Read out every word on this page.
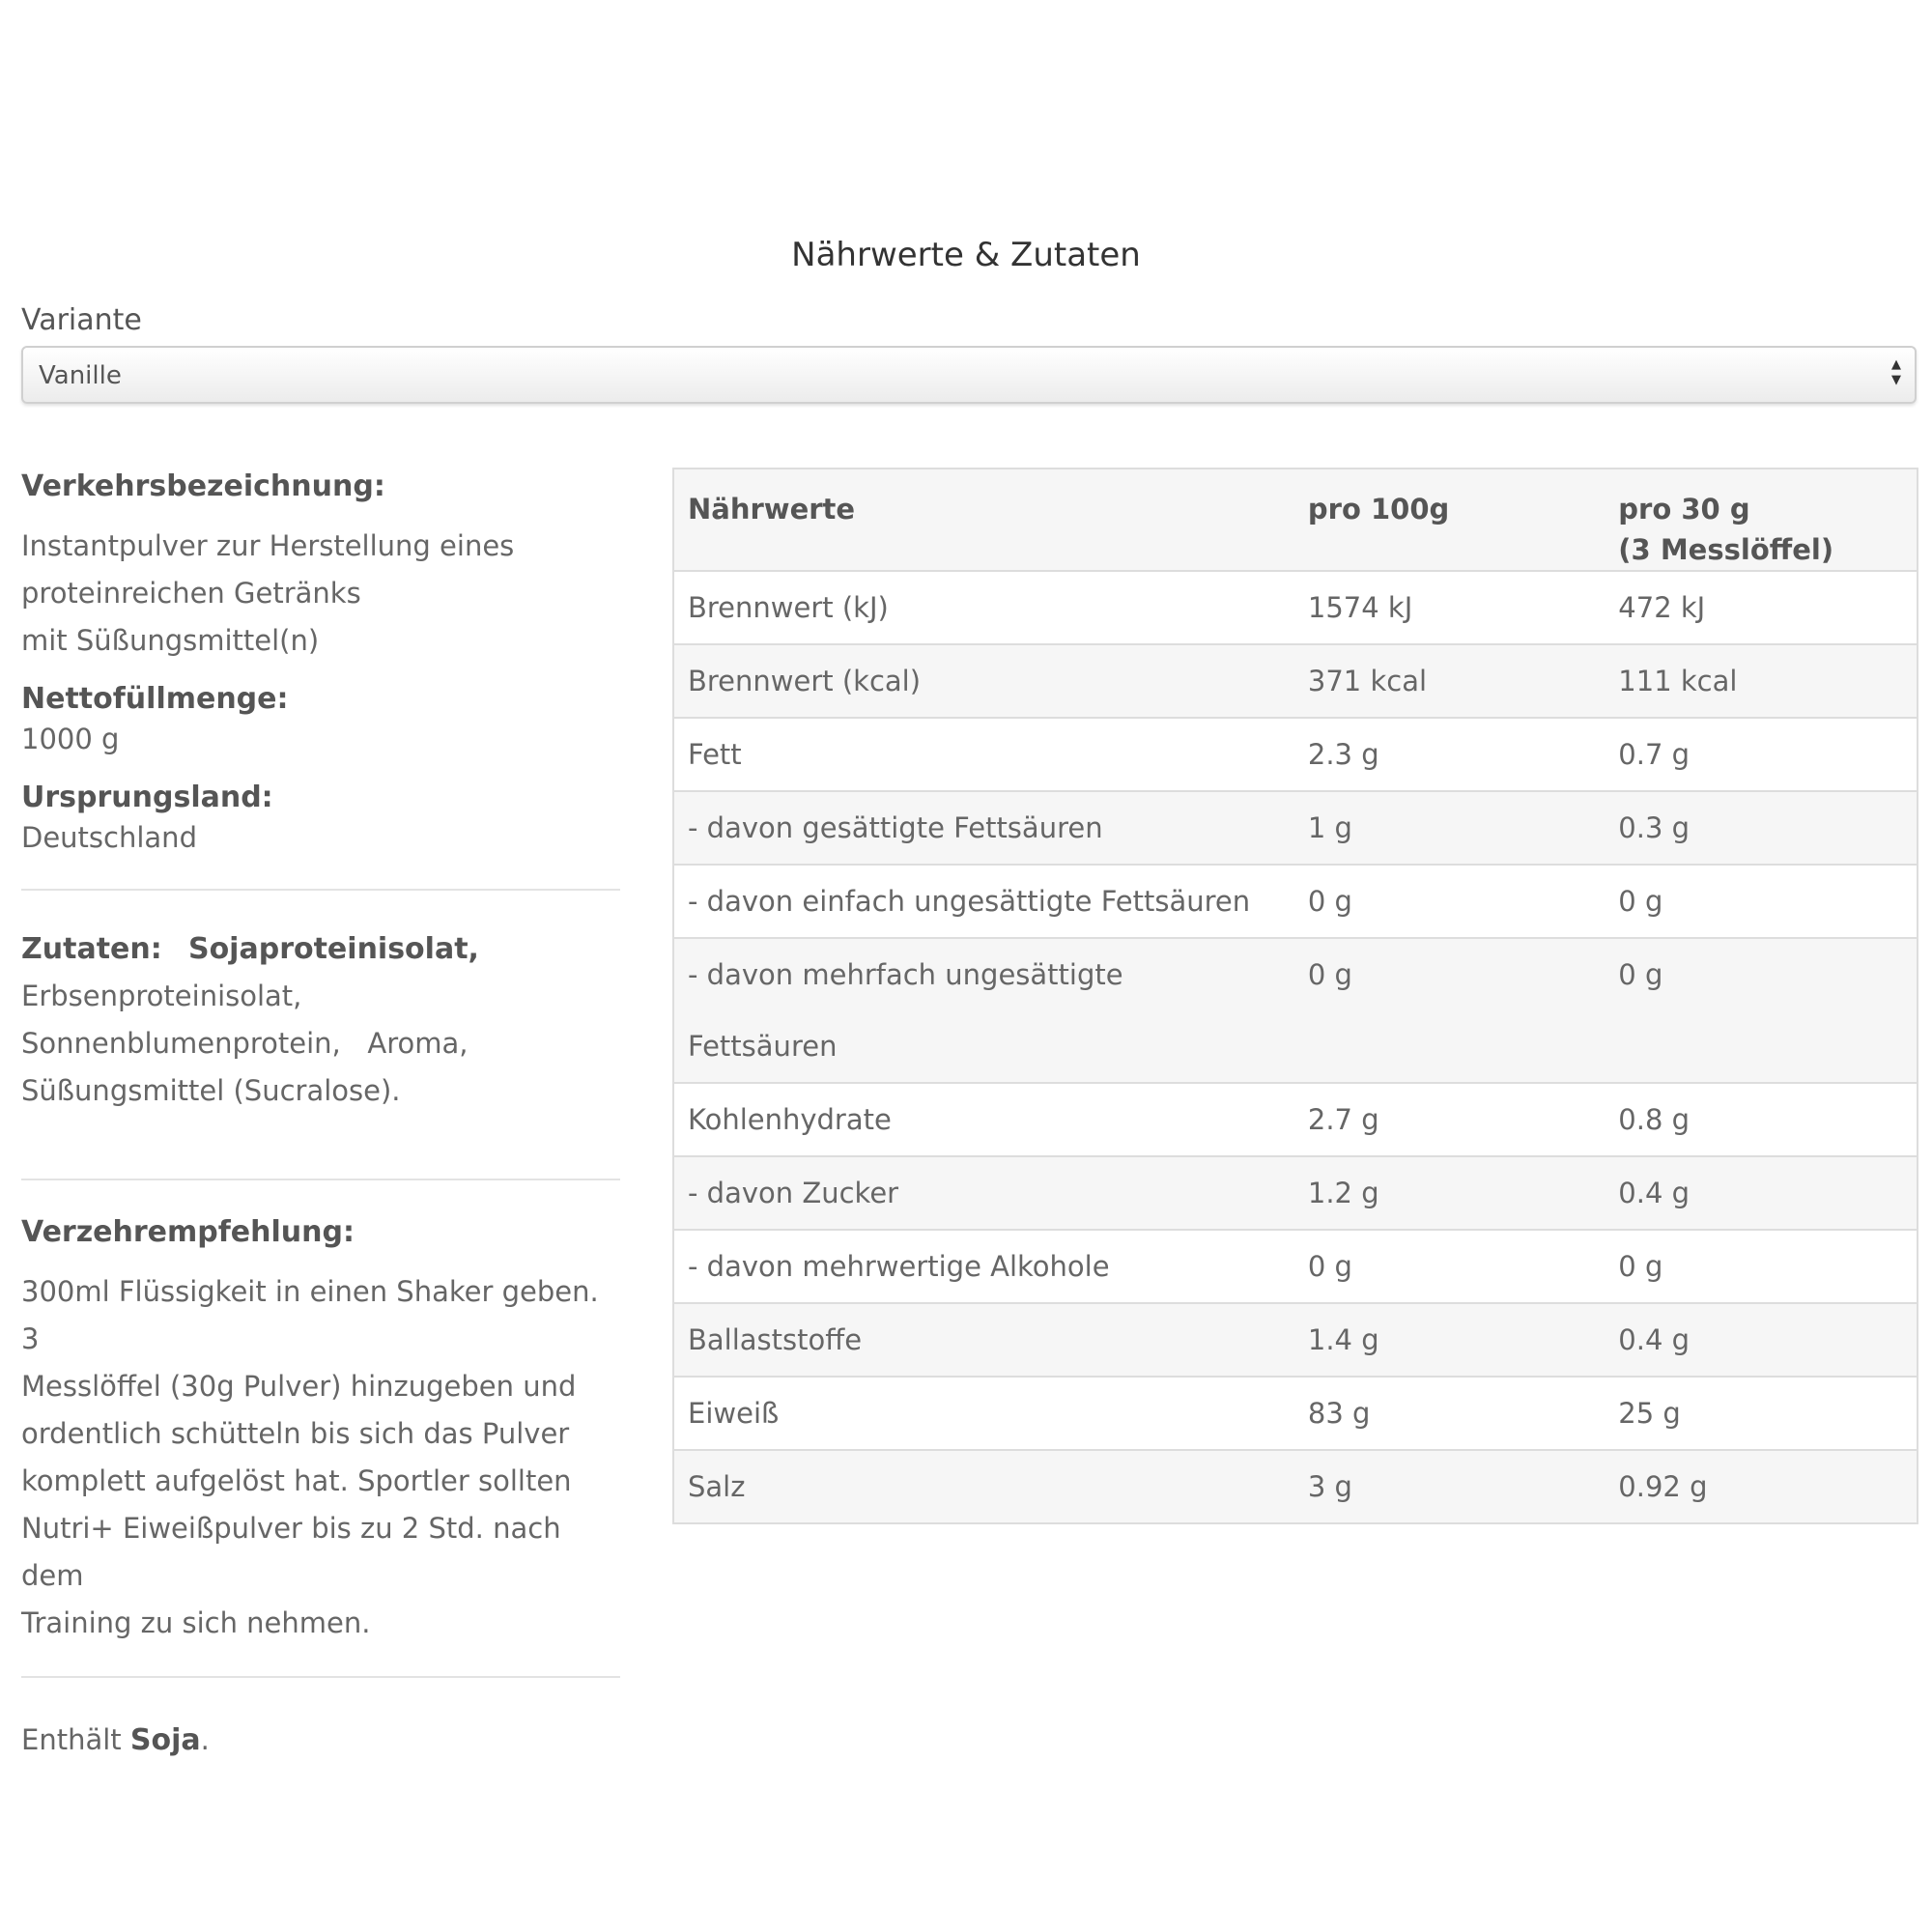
Nährwerte & Zutaten
Variante
Vanille	▲
▼
Verkehrsbezeichnung:
Instantpulver zur Herstellung eines
proteinreichen Getränks
mit Süßungsmittel(n)
Nettofüllmenge:
1000 g
Ursprungsland:
Deutschland
Zutaten: Sojaproteinisolat,
Erbsenproteinisolat,
Sonnenblumenprotein,   Aroma,
Süßungsmittel (Sucralose).
Verzehrempfehlung:
300ml Flüssigkeit in einen Shaker geben. 3
Messlöffel (30g Pulver) hinzugeben und
ordentlich schütteln bis sich das Pulver
komplett aufgelöst hat. Sportler sollten
Nutri+ Eiweißpulver bis zu 2 Std. nach dem
Training zu sich nehmen.
Enthält Soja.
Nährwerte	pro 100g	pro 30 g
(3 Messlöffel)

Brennwert (kJ)	1574 kJ	472 kJ
Brennwert (kcal)	371 kcal	111 kcal
Fett	2.3 g	0.7 g
- davon gesättigte Fettsäuren	1 g	0.3 g
- davon einfach ungesättigte Fettsäuren	0 g	0 g
- davon mehrfach ungesättigte Fettsäuren	0 g	0 g
Kohlenhydrate	2.7 g	0.8 g
- davon Zucker	1.2 g	0.4 g
- davon mehrwertige Alkohole	0 g	0 g
Ballaststoffe	1.4 g	0.4 g
Eiweiß	83 g	25 g
Salz	3 g	0.92 g
